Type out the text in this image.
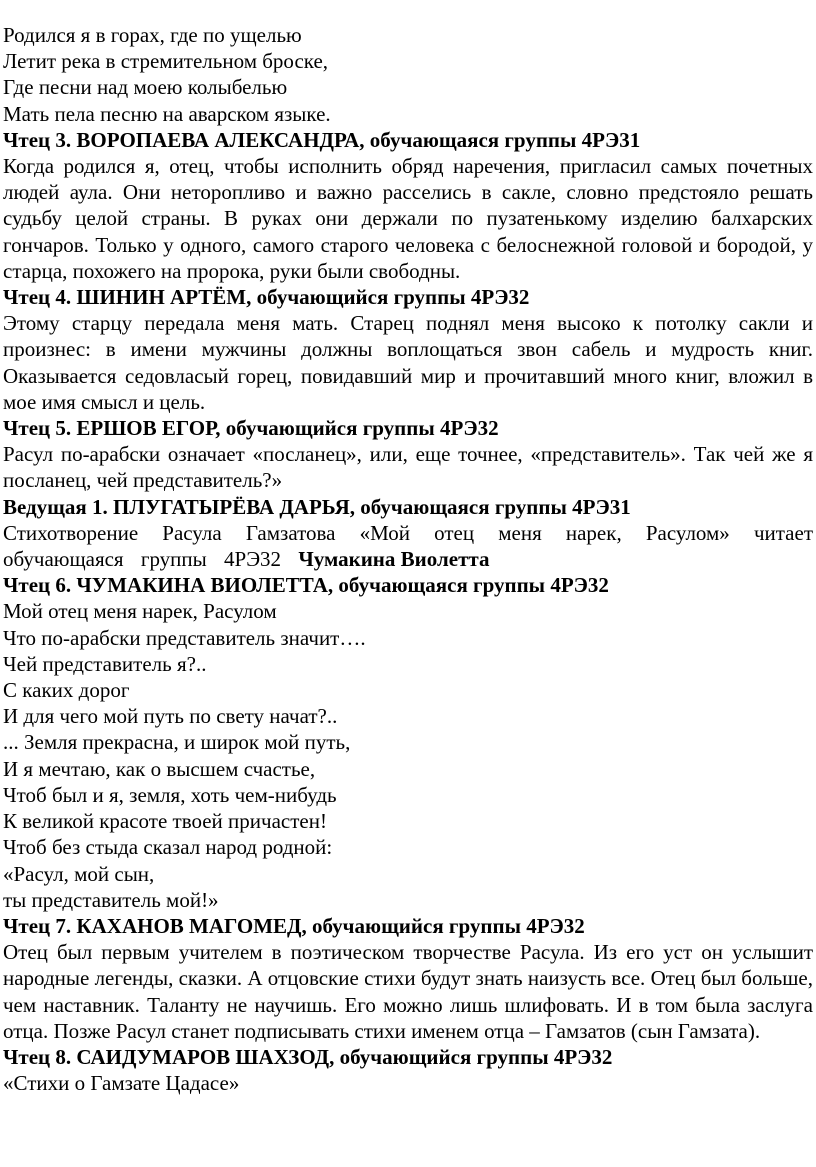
Родился я в горах, где по ущелью
Летит река в стремительном броске,
Где песни над моею колыбелью
Мать пела песню на аварском языке.
Чтец 3. ВОРОПАЕВА АЛЕКСАНДРА, обучающаяся группы 4РЭ31
Когда родился я, отец, чтобы исполнить обряд наречения, пригласил самых почетных людей аула. Они неторопливо и важно расселись в сакле, словно предстояло решать судьбу целой страны. В руках они держали по пузатенькому изделию балхарских гончаров. Только у одного, самого старого человека с белоснежной головой и бородой, у старца, похожего на пророка, руки были свободны.
Чтец 4. ШИНИН АРТЁМ, обучающийся группы 4РЭ32
Этому старцу передала меня мать. Старец поднял меня высоко к потолку сакли и произнес: в имени мужчины должны воплощаться звон сабель и мудрость книг. Оказывается седовласый горец, повидавший мир и прочитавший много книг, вложил в мое имя смысл и цель.
Чтец 5. ЕРШОВ ЕГОР, обучающийся группы 4РЭ32
Расул по-арабски означает «посланец», или, еще точнее, «представитель». Так чей же я посланец, чей представитель?»
Ведущая 1. ПЛУГАТЫРЁВА ДАРЬЯ, обучающаяся группы 4РЭ31
Стихотворение Расула Гамзатова «Мой отец меня нарек, Расулом» читает обучающаяся группы 4РЭ32 Чумакина Виолетта
Чтец 6. ЧУМАКИНА ВИОЛЕТТА, обучающаяся группы 4РЭ32
Мой отец меня нарек, Расулом
Что по-арабски представитель значит….
Чей представитель я?..
С каких дорог
И для чего мой путь по свету начат?..
... Земля прекрасна, и широк мой путь,
И я мечтаю, как о высшем счастье,
Чтоб был и я, земля, хоть чем-нибудь
К великой красоте твоей причастен!
Чтоб без стыда сказал народ родной:
«Расул, мой сын,
ты представитель мой!»
Чтец 7. КАХАНОВ МАГОМЕД, обучающийся группы 4РЭ32
Отец был первым учителем в поэтическом творчестве Расула. Из его уст он услышит народные легенды, сказки. А отцовские стихи будут знать наизусть все. Отец был больше, чем наставник. Таланту не научишь. Его можно лишь шлифовать. И в том была заслуга отца. Позже Расул станет подписывать стихи именем отца – Гамзатов (сын Гамзата).
Чтец 8. САИДУМАРОВ ШАХЗОД, обучающийся группы 4РЭ32
«Стихи о Гамзате Цадасе»
